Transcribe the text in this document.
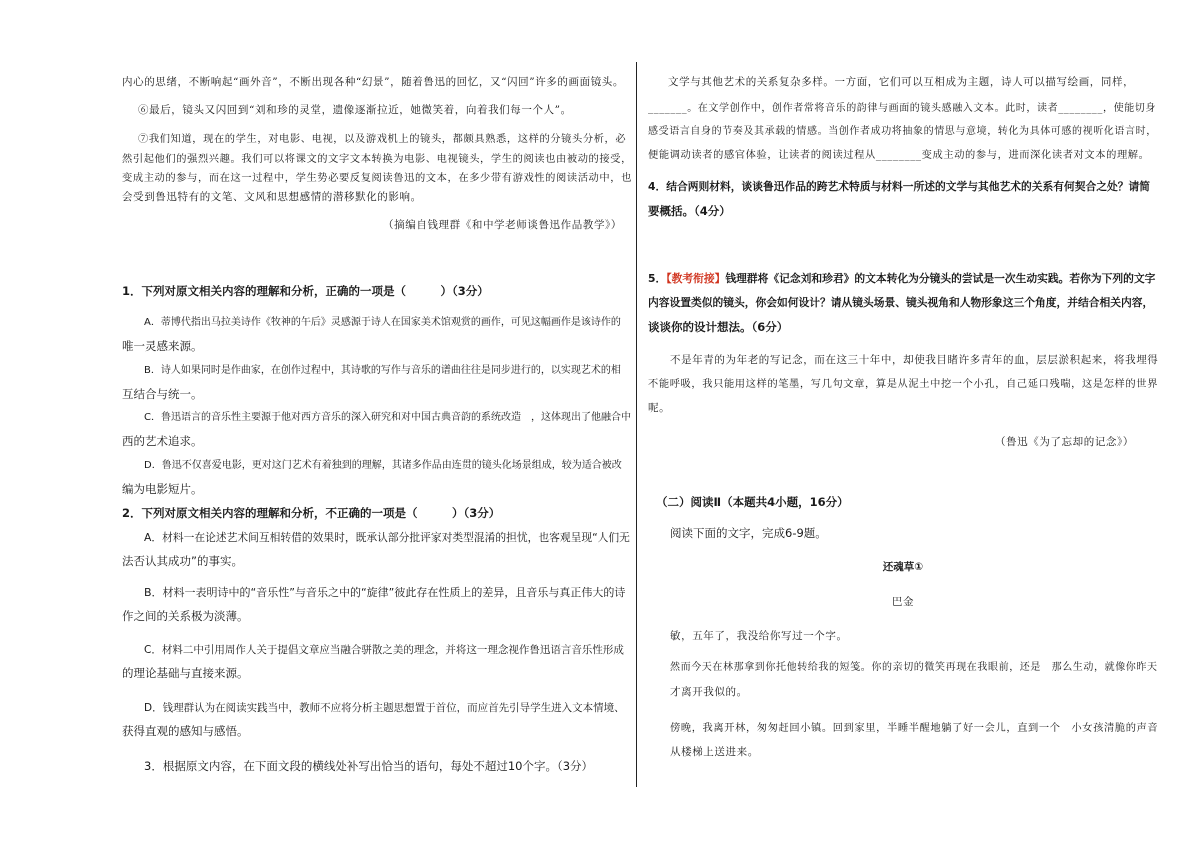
内心的思绪，不断响起“画外音”，不断出现各种“幻景”，随着鲁迅的回忆，又“闪回”许多的画面镜头。
⑥最后，镜头又闪回到“刘和珍的灵堂，遗像逐渐拉近，她微笑着，向着我们每一个人”。
⑦我们知道，现在的学生，对电影、电视，以及游戏机上的镜头，都颇具熟悉，这样的分镜头分析，必
然引起他们的强烈兴趣。我们可以将课文的文字文本转换为电影、电视镜头，学生的阅读也由被动的接受，
变成主动的参与，而在这一过程中，学生势必要反复阅读鲁迅的文本，在多少带有游戏性的阅读活动中，也
会受到鲁迅特有的文笔、文风和思想感情的潜移默化的影响。
（摘编自钱理群《和中学老师谈鲁迅作品教学》）
1．下列对原文相关内容的理解和分析，正确的一项是（　　　）（3分）
A．蒂博代指出马拉美诗作《牧神的午后》灵感源于诗人在国家美术馆观赏的画作，可见这幅画作是该诗作的
唯一灵感来源。
B．诗人如果同时是作曲家，在创作过程中，其诗歌的写作与音乐的谱曲往往是同步进行的，以实现艺术的相
互结合与统一。
C．鲁迅语言的音乐性主要源于他对西方音乐的深入研究和对中国古典音韵的系统改造　，这体现出了他融合中
西的艺术追求。
D．鲁迅不仅喜爱电影，更对这门艺术有着独到的理解，其诸多作品由连贯的镜头化场景组成，较为适合被改
编为电影短片。
2．下列对原文相关内容的理解和分析，不正确的一项是（　　　）（3分）
A．材料一在论述艺术间互相转借的效果时，既承认部分批评家对类型混淆的担忧，也客观呈现“人们无
法否认其成功”的事实。
B．材料一表明诗中的“音乐性”与音乐之中的“旋律”彼此存在性质上的差异，且音乐与真正伟大的诗
作之间的关系极为淡薄。
C．材料二中引用周作人关于提倡文章应当融合骈散之美的理念，并将这一理念视作鲁迅语言音乐性形成
的理论基础与直接来源。
D．钱理群认为在阅读实践当中，教师不应将分析主题思想置于首位，而应首先引导学生进入文本情境、
获得直观的感知与感悟。
3．根据原文内容，在下面文段的横线处补写出恰当的语句，每处不超过10个字。（3分）
文学与其他艺术的关系复杂多样。一方面，它们可以互相成为主题，诗人可以描写绘画，同样，
_______。在文学创作中，创作者常将音乐的韵律与画面的镜头感融入文本。此时，读者________，使能切身
感受语言自身的节奏及其承载的情感。当创作者成功将抽象的情思与意境，转化为具体可感的视听化语言时，
便能调动读者的感官体验，让读者的阅读过程从________变成主动的参与，进而深化读者对文本的理解。
4．结合两则材料，谈谈鲁迅作品的跨艺术特质与材料一所述的文学与其他艺术的关系有何契合之处？请简
要概括。（4分）
5．【教考衔接】钱理群将《记念刘和珍君》的文本转化为分镜头的尝试是一次生动实践。若你为下列的文字
内容设置类似的镜头，你会如何设计？请从镜头场景、镜头视角和人物形象这三个角度，并结合相关内容，
谈谈你的设计想法。（6分）
不是年青的为年老的写记念，而在这三十年中，却使我目睹许多青年的血，层层淤积起来，将我埋得
不能呼吸，我只能用这样的笔墨，写几句文章，算是从泥土中挖一个小孔，自己延口残喘，这是怎样的世界
呢。
（鲁迅《为了忘却的记念》）
（二）阅读Ⅱ（本题共4小题，16分）
阅读下面的文字，完成6-9题。
还魂草①
巴金
敏，五年了，我没给你写过一个字。
然而今天在林那拿到你托他转给我的短笺。你的亲切的微笑再现在我眼前，还是　那么生动，就像你昨天
才离开我似的。
傍晚，我离开林，匆匆赶回小镇。回到家里，半睡半醒地躺了好一会儿，直到一个　小女孩清脆的声音
从楼梯上送进来。
